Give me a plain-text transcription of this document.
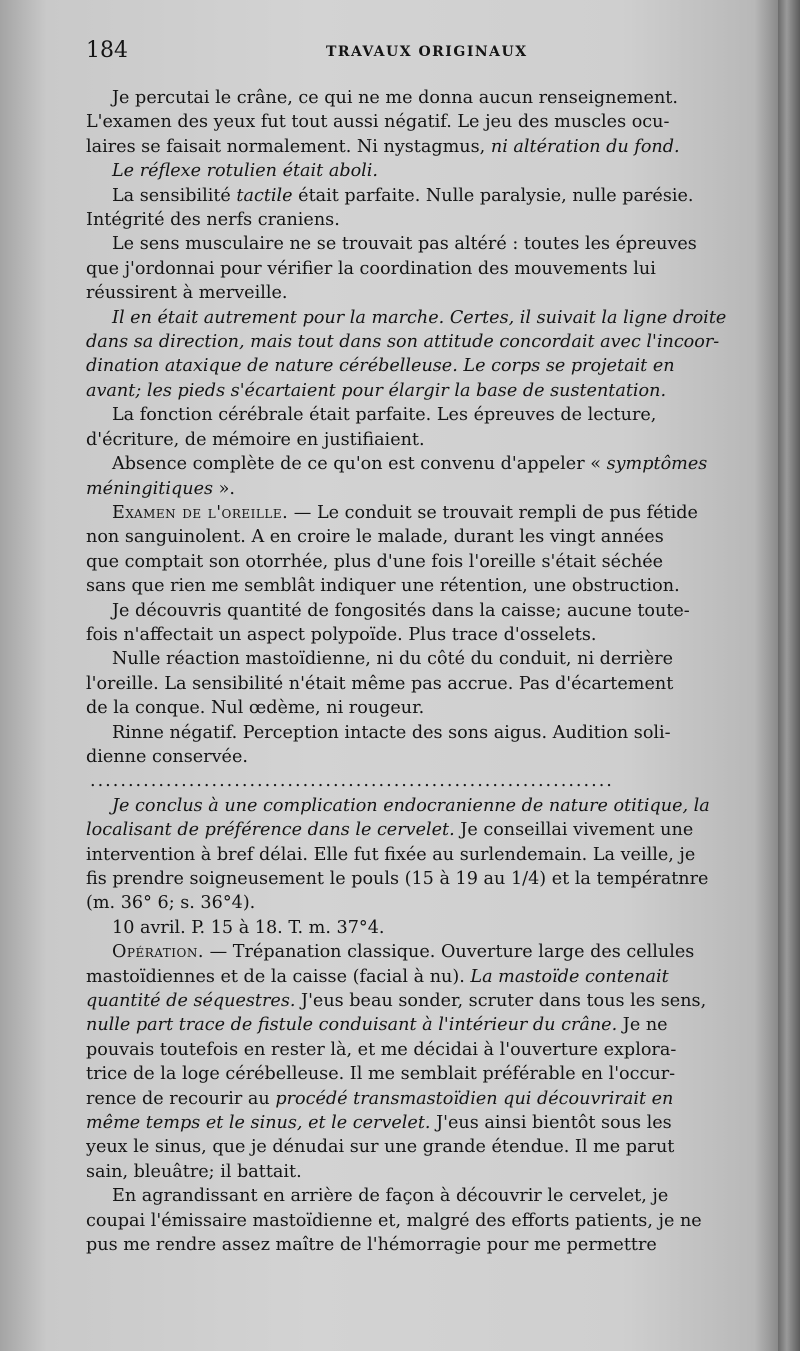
184	TRAVAUX ORIGINAUX
Je percutai le crâne, ce qui ne me donna aucun renseignement.
L'examen des yeux fut tout aussi négatif. Le jeu des muscles ocu-
laires se faisait normalement. Ni nystagmus, ni altération du fond.
Le réflexe rotulien était aboli.
La sensibilité tactile était parfaite. Nulle paralysie, nulle parésie.
Intégrité des nerfs craniens.
Le sens musculaire ne se trouvait pas altéré : toutes les épreuves
que j'ordonnai pour vérifier la coordination des mouvements lui
réussirent à merveille.
Il en était autrement pour la marche. Certes, il suivait la ligne droite
dans sa direction, mais tout dans son attitude concordait avec l'incoor-
dination ataxique de nature cérébelleuse. Le corps se projetait en
avant; les pieds s'écartaient pour élargir la base de sustentation.
La fonction cérébrale était parfaite. Les épreuves de lecture,
d'écriture, de mémoire en justifiaient.
Absence complète de ce qu'on est convenu d'appeler « symptômes
méningitiques ».
Examen de l'oreille. — Le conduit se trouvait rempli de pus fétide
non sanguinolent. A en croire le malade, durant les vingt années
que comptait son otorrhée, plus d'une fois l'oreille s'était séchée
sans que rien me semblât indiquer une rétention, une obstruction.
Je découvris quantité de fongosités dans la caisse; aucune toute-
fois n'affectait un aspect polypoïde. Plus trace d'osselets.
Nulle réaction mastoïdienne, ni du côté du conduit, ni derrière
l'oreille. La sensibilité n'était même pas accrue. Pas d'écartement
de la conque. Nul œdème, ni rougeur.
Rinne négatif. Perception intacte des sons aigus. Audition soli-
dienne conservée.
.....................................................................
Je conclus à une complication endocranienne de nature otitique, la
localisant de préférence dans le cervelet. Je conseillai vivement une
intervention à bref délai. Elle fut fixée au surlendemain. La veille, je
fis prendre soigneusement le pouls (15 à 19 au 1/4) et la températnre
(m. 36° 6; s. 36°4).
10 avril. P. 15 à 18. T. m. 37°4.
Opération. — Trépanation classique. Ouverture large des cellules
mastoïdiennes et de la caisse (facial à nu). La mastoïde contenait
quantité de séquestres. J'eus beau sonder, scruter dans tous les sens,
nulle part trace de fistule conduisant à l'intérieur du crâne. Je ne
pouvais toutefois en rester là, et me décidai à l'ouverture explora-
trice de la loge cérébelleuse. Il me semblait préférable en l'occur-
rence de recourir au procédé transmastoïdien qui découvrirait en
même temps et le sinus, et le cervelet. J'eus ainsi bientôt sous les
yeux le sinus, que je dénudai sur une grande étendue. Il me parut
sain, bleuâtre; il battait.
En agrandissant en arrière de façon à découvrir le cervelet, je
coupai l'émissaire mastoïdienne et, malgré des efforts patients, je ne
pus me rendre assez maître de l'hémorragie pour me permettre
